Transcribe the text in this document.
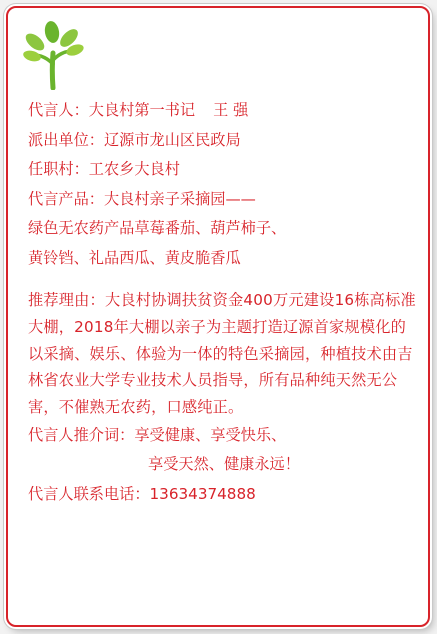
代言人：大良村第一书记 王 强
派出单位：辽源市龙山区民政局
任职村：工农乡大良村
代言产品：大良村亲子采摘园——
绿色无农药产品草莓番茄、葫芦柿子、
黄铃铛、礼品西瓜、黄皮脆香瓜
推荐理由：大良村协调扶贫资金400万元建设16栋高标准大棚，2018年大棚以亲子为主题打造辽源首家规模化的以采摘、娱乐、体验为一体的特色采摘园，种植技术由吉林省农业大学专业技术人员指导，所有品种纯天然无公害，不催熟无农药，口感纯正。
代言人推介词：享受健康、享受快乐、
享受天然、健康永远！
代言人联系电话：13634374888
